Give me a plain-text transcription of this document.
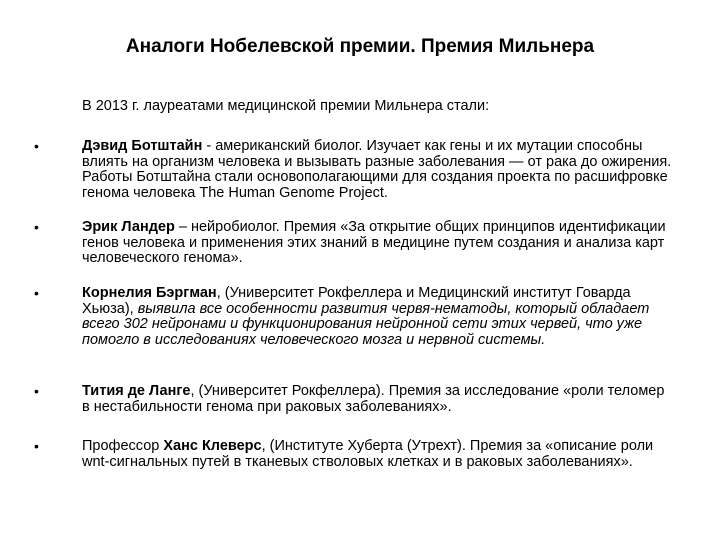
Аналоги Нобелевской премии. Премия Мильнера
В 2013 г. лауреатами медицинской премии Мильнера стали:
•	Дэвид Ботштайн - американский биолог. Изучает как гены и их мутации способны влиять на организм человека и вызывать разные заболевания — от рака до ожирения. Работы Ботштайна стали основополагающими для создания проекта по расшифровке генома человека The Human Genome Project.
•	Эрик Ландер – нейробиолог. Премия «За открытие общих принципов идентификации генов человека и применения этих знаний в медицине путем создания и анализа карт человеческого генома».
•	Корнелия Бэргман, (Университет Рокфеллера и Медицинский институт Говарда Хьюза), выявила все особенности развития червя-нематоды, который обладает всего 302 нейронами и функционирования нейронной сети этих червей, что уже помогло в исследованиях человеческого мозга и нервной системы.
•	Тития де Ланге, (Университет Рокфеллера). Премия за исследование «роли теломер в нестабильности генома при раковых заболеваниях».
•	Профессор Ханс Клеверс, (Институте Хуберта (Утрехт). Премия за «описание роли wnt-сигнальных путей в тканевых стволовых клетках и в раковых заболеваниях».
